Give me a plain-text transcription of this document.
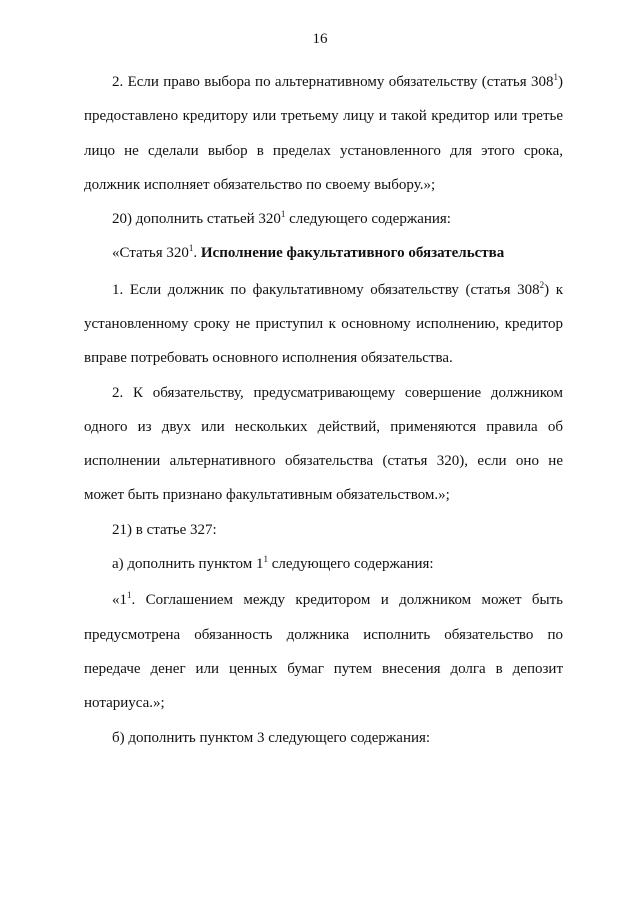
16
2. Если право выбора по альтернативному обязательству (статья $308^1$)
предоставлено кредитору или третьему лицу и такой кредитор или третье
лицо не сделали выбор в пределах установленного для этого срока,
должник исполняет обязательство по своему выбору.»;
20) дополнить статьей $320^1$ следующего содержания:
«Статья $320^1$. Исполнение факультативного обязательства
1. Если должник по факультативному обязательству (статья $308^2$) к
установленному сроку не приступил к основному исполнению, кредитор
вправе потребовать основного исполнения обязательства.
2. К обязательству, предусматривающему совершение должником
одного из двух или нескольких действий, применяются правила об
исполнении альтернативного обязательства (статья 320), если оно не
может быть признано факультативным обязательством.»;
21) в статье 327:
а) дополнить пунктом $1^1$ следующего содержания:
«$1^1$. Соглашением между кредитором и должником может быть
предусмотрена обязанность должника исполнить обязательство по
передаче денег или ценных бумаг путем внесения долга в депозит
нотариуса.»;
б) дополнить пунктом 3 следующего содержания:
